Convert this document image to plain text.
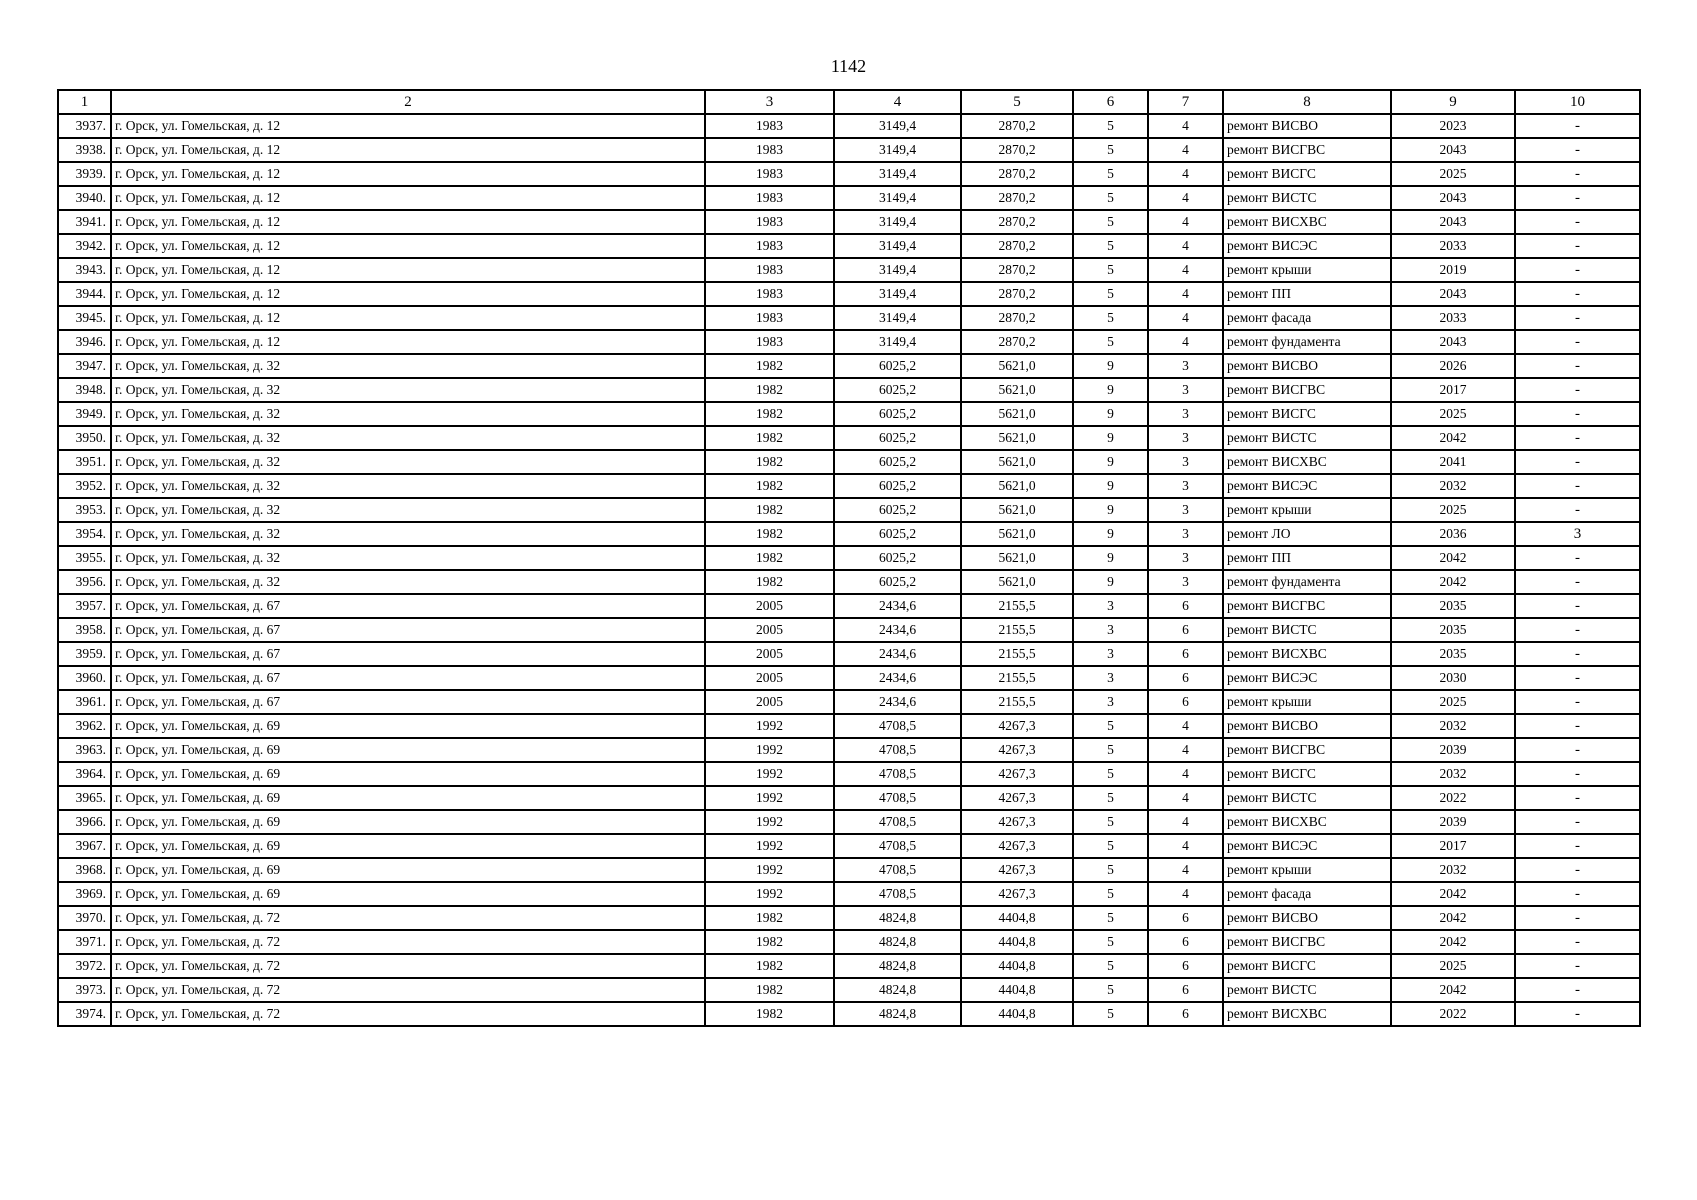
1142
1	2	3	4	5	6	7	8	9	10
3937.	г. Орск, ул. Гомельская, д. 12	1983	3149,4	2870,2	5	4	ремонт ВИСВО	2023	-
3938.	г. Орск, ул. Гомельская, д. 12	1983	3149,4	2870,2	5	4	ремонт ВИСГВС	2043	-
3939.	г. Орск, ул. Гомельская, д. 12	1983	3149,4	2870,2	5	4	ремонт ВИСГС	2025	-
3940.	г. Орск, ул. Гомельская, д. 12	1983	3149,4	2870,2	5	4	ремонт ВИСТС	2043	-
3941.	г. Орск, ул. Гомельская, д. 12	1983	3149,4	2870,2	5	4	ремонт ВИСХВС	2043	-
3942.	г. Орск, ул. Гомельская, д. 12	1983	3149,4	2870,2	5	4	ремонт ВИСЭС	2033	-
3943.	г. Орск, ул. Гомельская, д. 12	1983	3149,4	2870,2	5	4	ремонт крыши	2019	-
3944.	г. Орск, ул. Гомельская, д. 12	1983	3149,4	2870,2	5	4	ремонт ПП	2043	-
3945.	г. Орск, ул. Гомельская, д. 12	1983	3149,4	2870,2	5	4	ремонт фасада	2033	-
3946.	г. Орск, ул. Гомельская, д. 12	1983	3149,4	2870,2	5	4	ремонт фундамента	2043	-
3947.	г. Орск, ул. Гомельская, д. 32	1982	6025,2	5621,0	9	3	ремонт ВИСВО	2026	-
3948.	г. Орск, ул. Гомельская, д. 32	1982	6025,2	5621,0	9	3	ремонт ВИСГВС	2017	-
3949.	г. Орск, ул. Гомельская, д. 32	1982	6025,2	5621,0	9	3	ремонт ВИСГС	2025	-
3950.	г. Орск, ул. Гомельская, д. 32	1982	6025,2	5621,0	9	3	ремонт ВИСТС	2042	-
3951.	г. Орск, ул. Гомельская, д. 32	1982	6025,2	5621,0	9	3	ремонт ВИСХВС	2041	-
3952.	г. Орск, ул. Гомельская, д. 32	1982	6025,2	5621,0	9	3	ремонт ВИСЭС	2032	-
3953.	г. Орск, ул. Гомельская, д. 32	1982	6025,2	5621,0	9	3	ремонт крыши	2025	-
3954.	г. Орск, ул. Гомельская, д. 32	1982	6025,2	5621,0	9	3	ремонт ЛО	2036	3
3955.	г. Орск, ул. Гомельская, д. 32	1982	6025,2	5621,0	9	3	ремонт ПП	2042	-
3956.	г. Орск, ул. Гомельская, д. 32	1982	6025,2	5621,0	9	3	ремонт фундамента	2042	-
3957.	г. Орск, ул. Гомельская, д. 67	2005	2434,6	2155,5	3	6	ремонт ВИСГВС	2035	-
3958.	г. Орск, ул. Гомельская, д. 67	2005	2434,6	2155,5	3	6	ремонт ВИСТС	2035	-
3959.	г. Орск, ул. Гомельская, д. 67	2005	2434,6	2155,5	3	6	ремонт ВИСХВС	2035	-
3960.	г. Орск, ул. Гомельская, д. 67	2005	2434,6	2155,5	3	6	ремонт ВИСЭС	2030	-
3961.	г. Орск, ул. Гомельская, д. 67	2005	2434,6	2155,5	3	6	ремонт крыши	2025	-
3962.	г. Орск, ул. Гомельская, д. 69	1992	4708,5	4267,3	5	4	ремонт ВИСВО	2032	-
3963.	г. Орск, ул. Гомельская, д. 69	1992	4708,5	4267,3	5	4	ремонт ВИСГВС	2039	-
3964.	г. Орск, ул. Гомельская, д. 69	1992	4708,5	4267,3	5	4	ремонт ВИСГС	2032	-
3965.	г. Орск, ул. Гомельская, д. 69	1992	4708,5	4267,3	5	4	ремонт ВИСТС	2022	-
3966.	г. Орск, ул. Гомельская, д. 69	1992	4708,5	4267,3	5	4	ремонт ВИСХВС	2039	-
3967.	г. Орск, ул. Гомельская, д. 69	1992	4708,5	4267,3	5	4	ремонт ВИСЭС	2017	-
3968.	г. Орск, ул. Гомельская, д. 69	1992	4708,5	4267,3	5	4	ремонт крыши	2032	-
3969.	г. Орск, ул. Гомельская, д. 69	1992	4708,5	4267,3	5	4	ремонт фасада	2042	-
3970.	г. Орск, ул. Гомельская, д. 72	1982	4824,8	4404,8	5	6	ремонт ВИСВО	2042	-
3971.	г. Орск, ул. Гомельская, д. 72	1982	4824,8	4404,8	5	6	ремонт ВИСГВС	2042	-
3972.	г. Орск, ул. Гомельская, д. 72	1982	4824,8	4404,8	5	6	ремонт ВИСГС	2025	-
3973.	г. Орск, ул. Гомельская, д. 72	1982	4824,8	4404,8	5	6	ремонт ВИСТС	2042	-
3974.	г. Орск, ул. Гомельская, д. 72	1982	4824,8	4404,8	5	6	ремонт ВИСХВС	2022	-
